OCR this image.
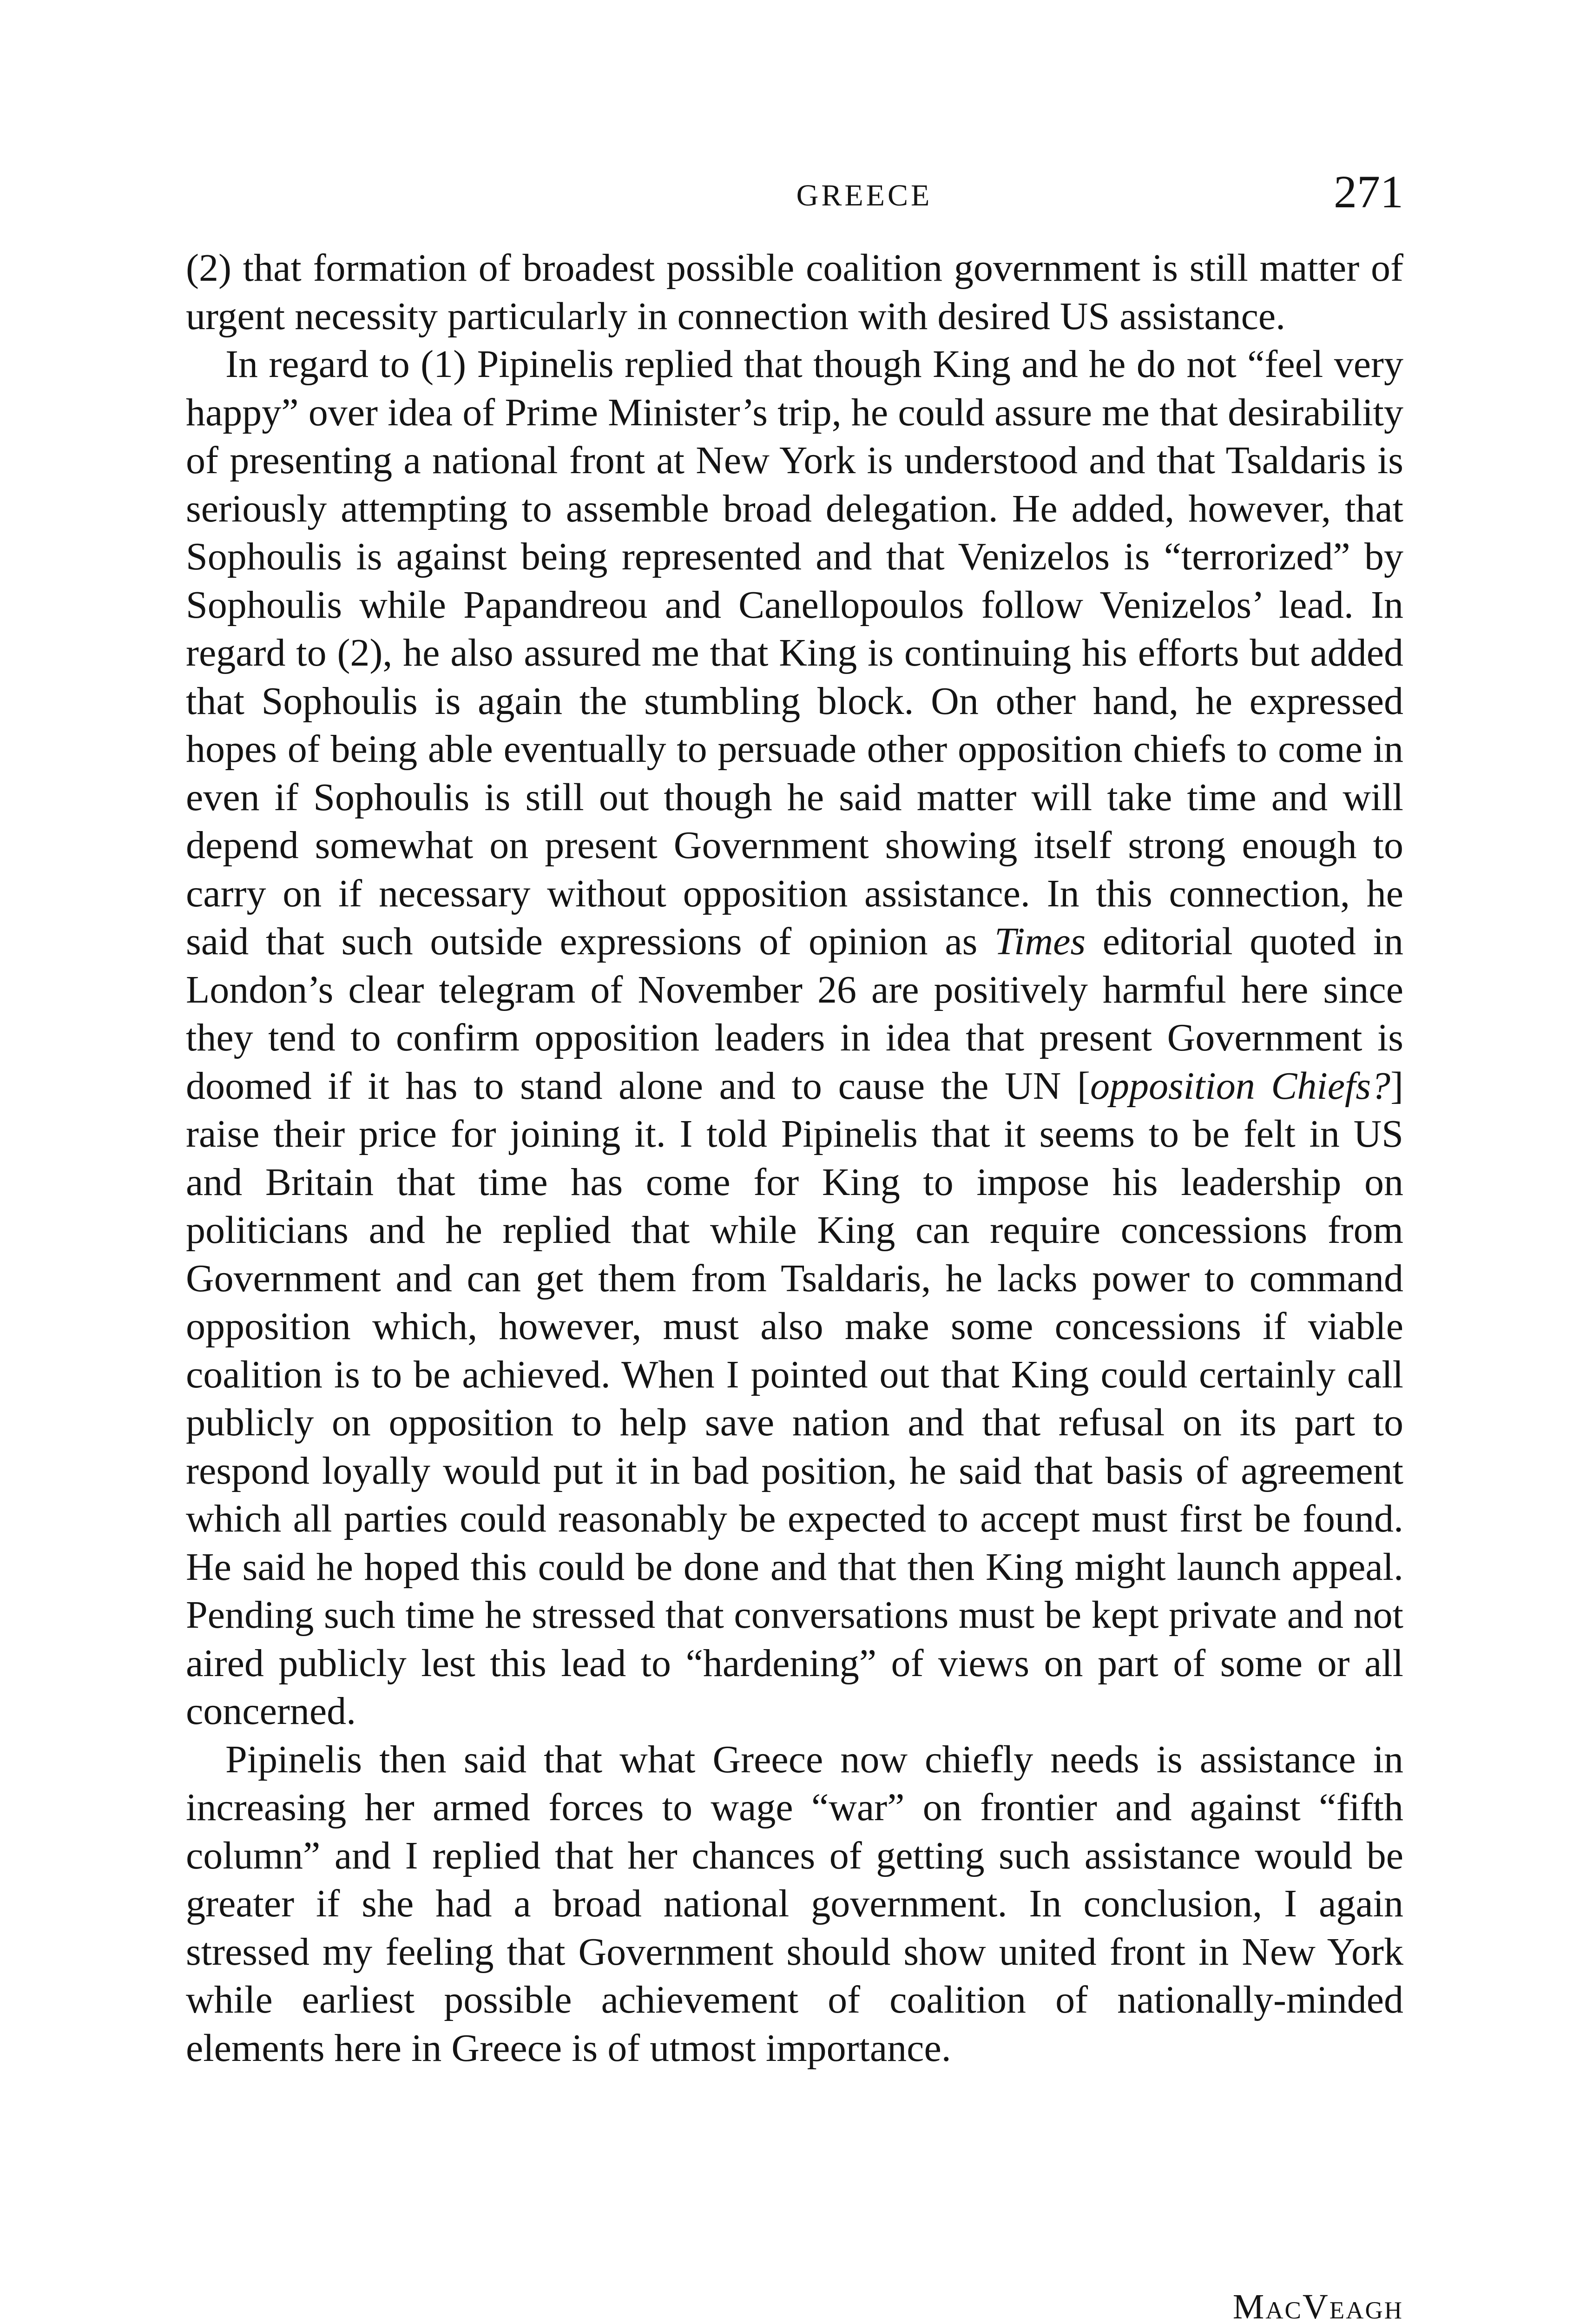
GREECE	271

(2) that formation of broadest possible coalition government is still matter of urgent necessity particularly in connection with desired US assistance.

In regard to (1) Pipinelis replied that though King and he do not “feel very happy” over idea of Prime Minister’s trip, he could assure me that desirability of presenting a national front at New York is understood and that Tsaldaris is seriously attempting to assemble broad delegation. He added, however, that Sophoulis is against being represented and that Venizelos is “terrorized” by Sophoulis while Papandreou and Canellopoulos follow Venizelos’ lead. In regard to (2), he also assured me that King is continuing his efforts but added that Sophoulis is again the stumbling block. On other hand, he expressed hopes of being able eventually to persuade other opposition chiefs to come in even if Sophoulis is still out though he said matter will take time and will depend somewhat on present Government showing itself strong enough to carry on if necessary without opposition assistance. In this connection, he said that such outside expressions of opinion as Times editorial quoted in London’s clear telegram of November 26 are positively harmful here since they tend to confirm opposition leaders in idea that present Government is doomed if it has to stand alone and to cause the UN [opposition Chiefs?] raise their price for joining it. I told Pipinelis that it seems to be felt in US and Britain that time has come for King to impose his leadership on politicians and he replied that while King can require concessions from Government and can get them from Tsaldaris, he lacks power to command opposition which, however, must also make some concessions if viable coalition is to be achieved. When I pointed out that King could certainly call publicly on opposition to help save nation and that refusal on its part to respond loyally would put it in bad position, he said that basis of agreement which all parties could reasonably be expected to accept must first be found. He said he hoped this could be done and that then King might launch appeal. Pending such time he stressed that conversations must be kept private and not aired publicly lest this lead to “hardening” of views on part of some or all concerned.

Pipinelis then said that what Greece now chiefly needs is assistance in increasing her armed forces to wage “war” on frontier and against “fifth column” and I replied that her chances of getting such assistance would be greater if she had a broad national government. In conclusion, I again stressed my feeling that Government should show united front in New York while earliest possible achievement of coalition of nationally-minded elements here in Greece is of utmost importance.

MacVeagh
